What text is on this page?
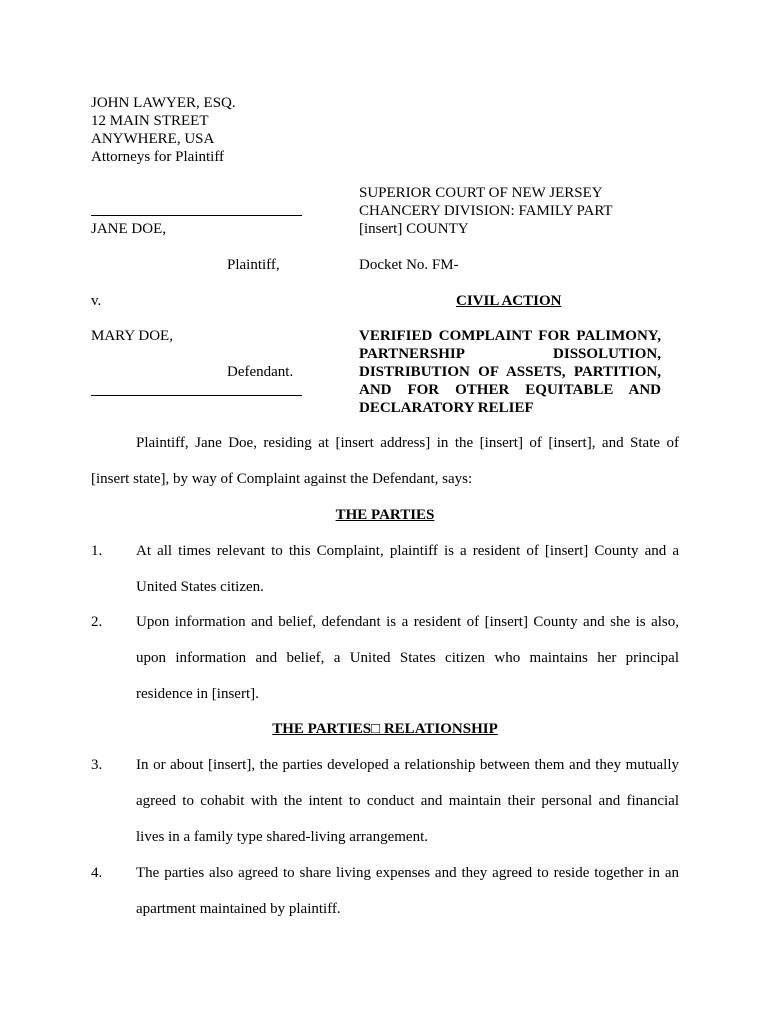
JOHN LAWYER, ESQ.
12 MAIN STREET
ANYWHERE, USA
Attorneys for Plaintiff
SUPERIOR COURT OF NEW JERSEY
CHANCERY DIVISION: FAMILY PART
[insert] COUNTY
Docket No. FM-
CIVIL ACTION
JANE DOE,
Plaintiff,
v.
MARY DOE,
Defendant.
VERIFIED COMPLAINT FOR PALIMONY,
PARTNERSHIP	DISSOLUTION,
DISTRIBUTION OF ASSETS, PARTITION,
AND FOR OTHER EQUITABLE AND
DECLARATORY RELIEF
Plaintiff, Jane Doe, residing at [insert address] in the [insert] of [insert], and State of
[insert state], by way of Complaint against the Defendant, says:
THE PARTIES
1. At all times relevant to this Complaint, plaintiff is a resident of [insert] County and a
United States citizen.
2. Upon information and belief, defendant is a resident of [insert] County and she is also,
upon information and belief, a United States citizen who maintains her principal
residence in [insert].
THE PARTIES□ RELATIONSHIP
3. In or about [insert], the parties developed a relationship between them and they mutually
agreed to cohabit with the intent to conduct and maintain their personal and financial
lives in a family type shared-living arrangement.
4. The parties also agreed to share living expenses and they agreed to reside together in an
apartment maintained by plaintiff.
